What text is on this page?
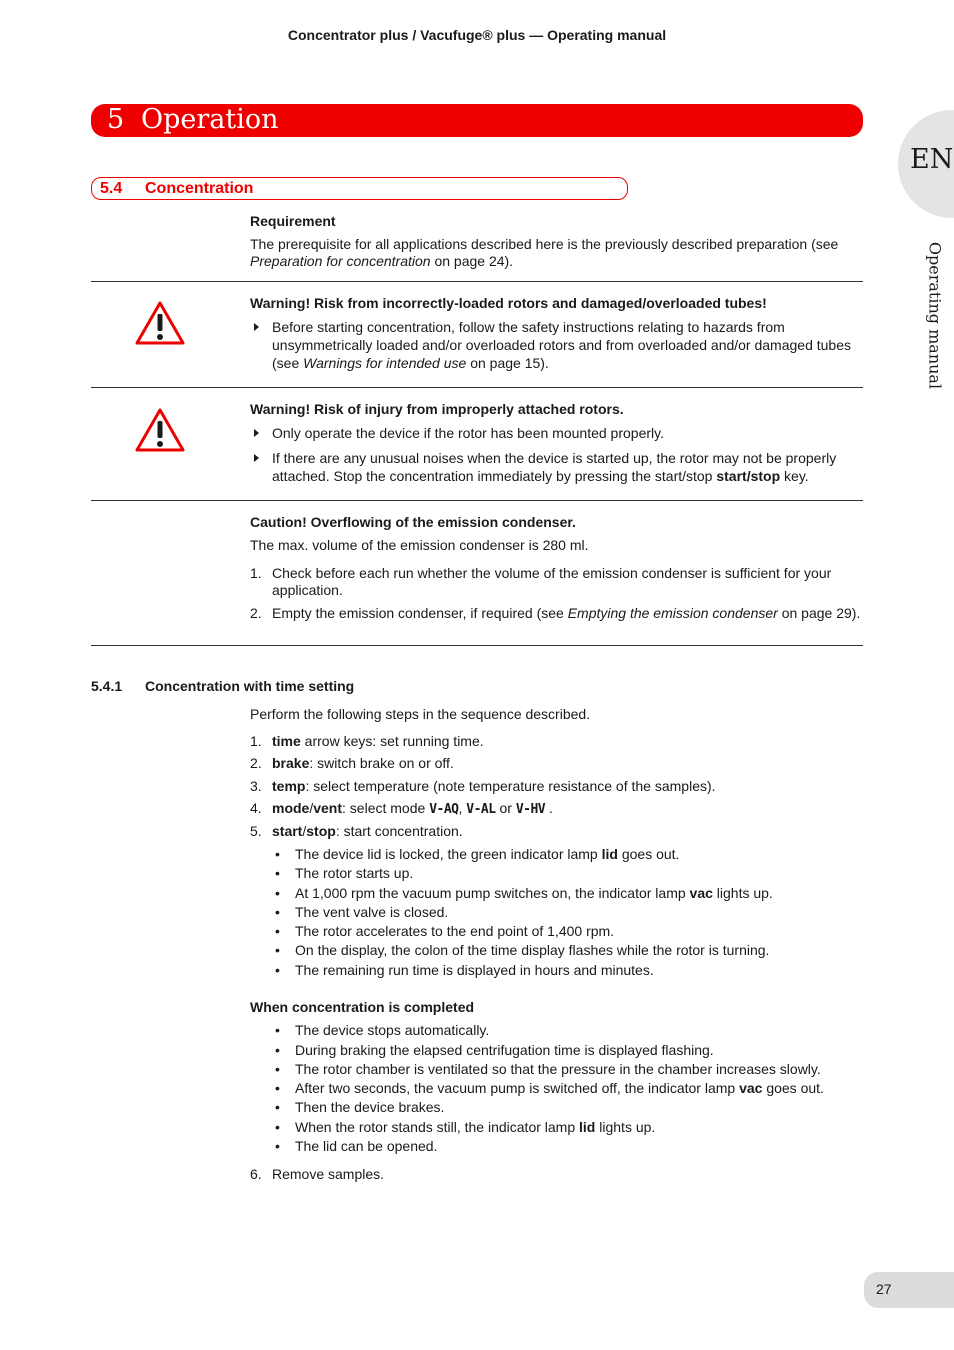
Concentrator plus / Vacufuge® plus — Operating manual
5 Operation
EN
Operating manual
5.4 Concentration
Requirement
The prerequisite for all applications described here is the previously described preparation (see Preparation for concentration on page 24).
Warning! Risk from incorrectly-loaded rotors and damaged/overloaded tubes!
Before starting concentration, follow the safety instructions relating to hazards from unsymmetrically loaded and/or overloaded rotors and from overloaded and/or damaged tubes (see Warnings for intended use on page 15).
Warning! Risk of injury from improperly attached rotors.
Only operate the device if the rotor has been mounted properly.
If there are any unusual noises when the device is started up, the rotor may not be properly attached. Stop the concentration immediately by pressing the start/stop start/stop key.
Caution! Overflowing of the emission condenser.
The max. volume of the emission condenser is 280 ml.
1. Check before each run whether the volume of the emission condenser is sufficient for your application.
2. Empty the emission condenser, if required (see Emptying the emission condenser on page 29).
5.4.1 Concentration with time setting
Perform the following steps in the sequence described.
1. time arrow keys: set running time.
2. brake: switch brake on or off.
3. temp: select temperature (note temperature resistance of the samples).
4. mode/vent: select mode V-AQ, V-AL or V-HV .
5. start/stop: start concentration.
• The device lid is locked, the green indicator lamp lid goes out.
• The rotor starts up.
• At 1,000 rpm the vacuum pump switches on, the indicator lamp vac lights up.
• The vent valve is closed.
• The rotor accelerates to the end point of 1,400 rpm.
• On the display, the colon of the time display flashes while the rotor is turning.
• The remaining run time is displayed in hours and minutes.
When concentration is completed
• The device stops automatically.
• During braking the elapsed centrifugation time is displayed flashing.
• The rotor chamber is ventilated so that the pressure in the chamber increases slowly.
• After two seconds, the vacuum pump is switched off, the indicator lamp vac goes out.
• Then the device brakes.
• When the rotor stands still, the indicator lamp lid lights up.
• The lid can be opened.
6. Remove samples.
27
